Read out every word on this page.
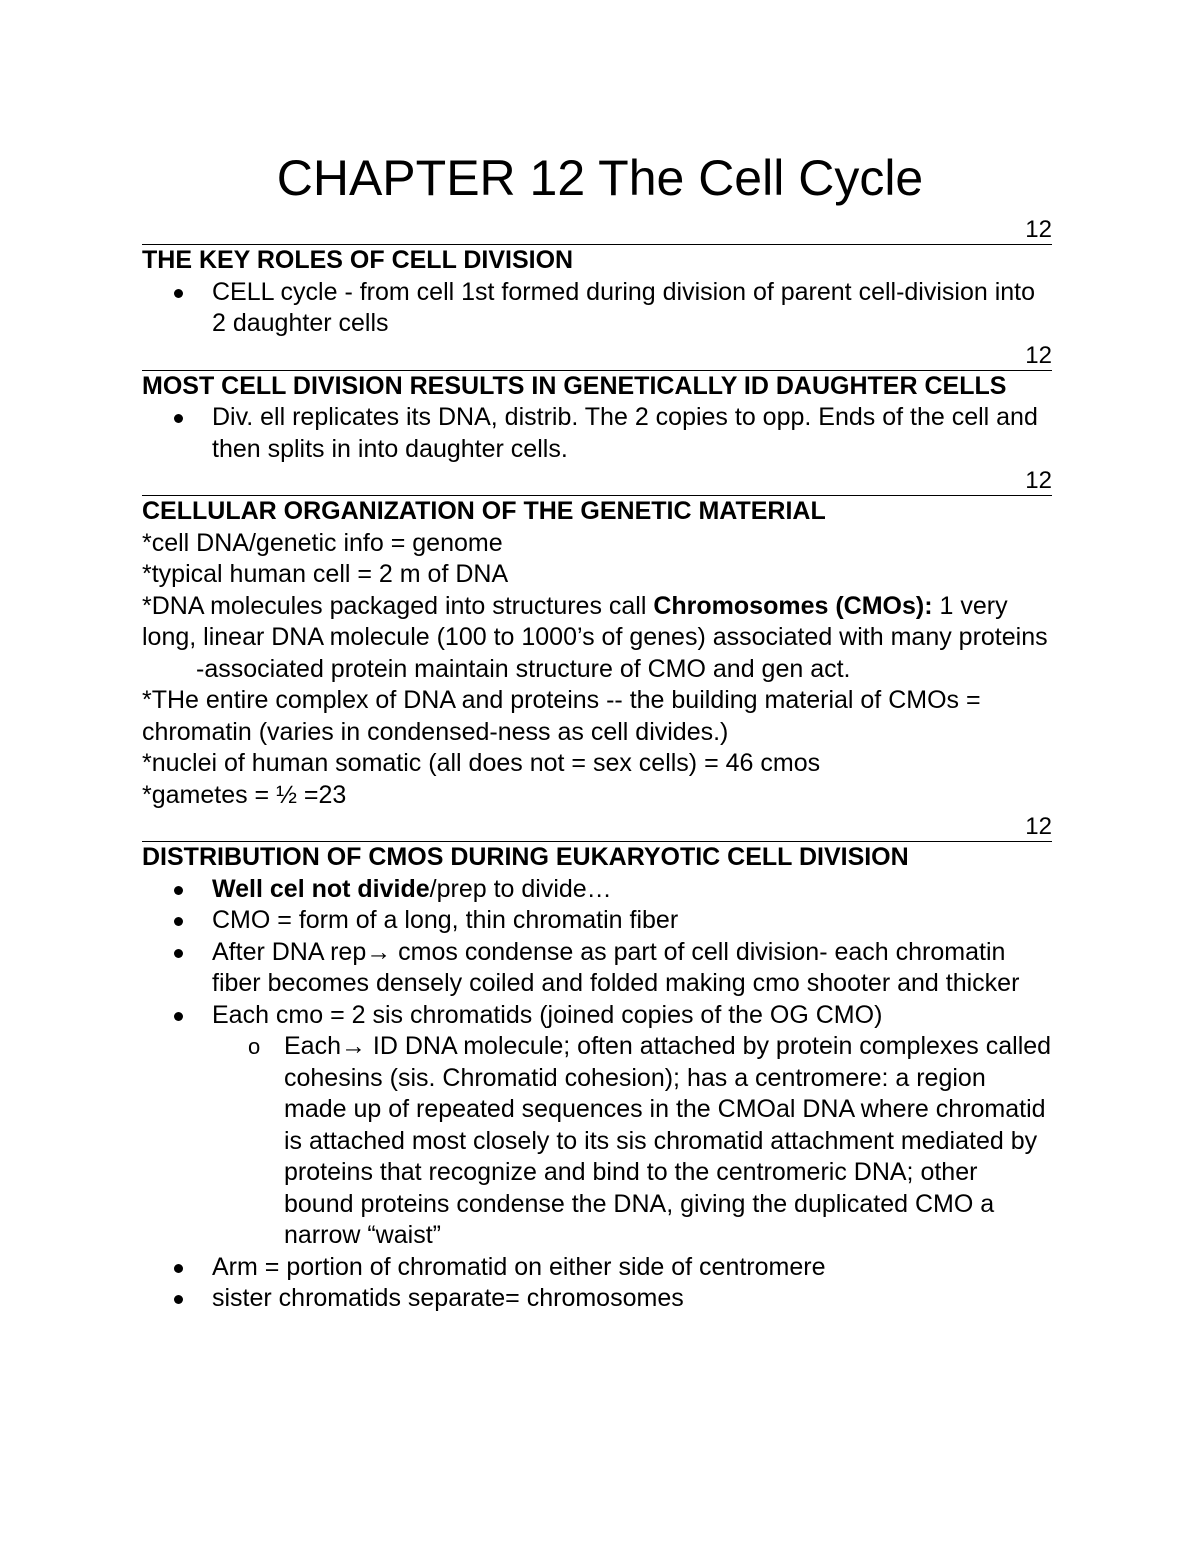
CHAPTER 12 The Cell Cycle
12

THE KEY ROLES OF CELL DIVISION

CELL cycle - from cell 1st formed during division of parent cell-division into 2 daughter cells
12

MOST CELL DIVISION RESULTS IN GENETICALLY ID DAUGHTER CELLS

Div. ell replicates its DNA, distrib. The 2 copies to opp. Ends of the cell and then splits in into daughter cells.
12

CELLULAR ORGANIZATION OF THE GENETIC MATERIAL

*cell DNA/genetic info = genome

*typical human cell = 2 m of DNA

*DNA molecules packaged into structures call Chromosomes (CMOs): 1 very long, linear DNA molecule (100 to 1000’s of genes) associated with many proteins

-associated protein maintain structure of CMO and gen act.

*THe entire complex of DNA and proteins -- the building material of CMOs = chromatin (varies in condensed-ness as cell divides.)

*nuclei of human somatic (all does not = sex cells) = 46 cmos

*gametes = ½ =23

12

DISTRIBUTION OF CMOS DURING EUKARYOTIC CELL DIVISION

Well cel not divide/prep to divide…
CMO = form of a long, thin chromatin fiber
After DNA rep→ cmos condense as part of cell division- each chromatin fiber becomes densely coiled and folded making cmo shooter and thicker
Each cmo = 2 sis chromatids (joined copies of the OG CMO)
o Each→ ID DNA molecule; often attached by protein complexes called cohesins (sis. Chromatid cohesion); has a centromere: a region made up of repeated sequences in the CMOal DNA where chromatid is attached most closely to its sis chromatid attachment mediated by proteins that recognize and bind to the centromeric DNA; other bound proteins condense the DNA, giving the duplicated CMO a narrow “waist”
Arm = portion of chromatid on either side of centromere
sister chromatids separate= chromosomes
